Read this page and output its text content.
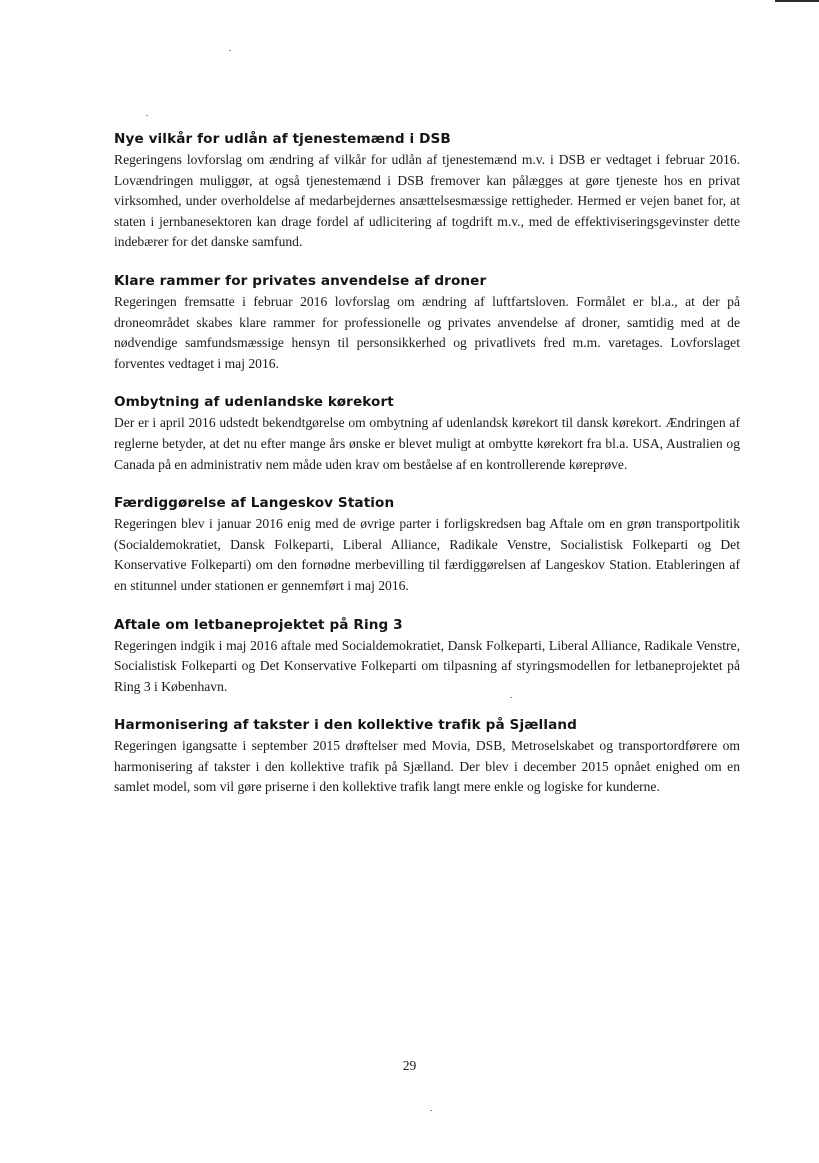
Nye vilkår for udlån af tjenestemænd i DSB

Regeringens lovforslag om ændring af vilkår for udlån af tjenestemænd m.v. i DSB er vedtaget i februar 2016. Lovændringen muliggør, at også tjenestemænd i DSB fremover kan pålægges at gøre tjeneste hos en privat virksomhed, under overholdelse af medarbejdernes ansættelsesmæssige rettigheder. Hermed er vejen banet for, at staten i jernbanesektoren kan drage fordel af udlicitering af togdrift m.v., med de effektiviseringsgevinster dette indebærer for det danske samfund.

Klare rammer for privates anvendelse af droner

Regeringen fremsatte i februar 2016 lovforslag om ændring af luftfartsloven. Formålet er bl.a., at der på droneområdet skabes klare rammer for professionelle og privates anvendelse af droner, samtidig med at de nødvendige samfundsmæssige hensyn til personsikkerhed og privatlivets fred m.m. varetages. Lovforslaget forventes vedtaget i maj 2016.

Ombytning af udenlandske kørekort

Der er i april 2016 udstedt bekendtgørelse om ombytning af udenlandsk kørekort til dansk kørekort. Ændringen af reglerne betyder, at det nu efter mange års ønske er blevet muligt at ombytte kørekort fra bl.a. USA, Australien og Canada på en administrativ nem måde uden krav om beståelse af en kontrollerende køreprøve.

Færdiggørelse af Langeskov Station

Regeringen blev i januar 2016 enig med de øvrige parter i forligskredsen bag Aftale om en grøn transportpolitik (Socialdemokratiet, Dansk Folkeparti, Liberal Alliance, Radikale Venstre, Socialistisk Folkeparti og Det Konservative Folkeparti) om den fornødne merbevilling til færdiggørelsen af Langeskov Station. Etableringen af en stitunnel under stationen er gennemført i maj 2016.

Aftale om letbaneprojektet på Ring 3

Regeringen indgik i maj 2016 aftale med Socialdemokratiet, Dansk Folkeparti, Liberal Alliance, Radikale Venstre, Socialistisk Folkeparti og Det Konservative Folkeparti om tilpasning af styringsmodellen for letbaneprojektet på Ring 3 i København.

Harmonisering af takster i den kollektive trafik på Sjælland

Regeringen igangsatte i september 2015 drøftelser med Movia, DSB, Metroselskabet og transportordførere om harmonisering af takster i den kollektive trafik på Sjælland. Der blev i december 2015 opnået enighed om en samlet model, som vil gøre priserne i den kollektive trafik langt mere enkle og logiske for kunderne.

29
